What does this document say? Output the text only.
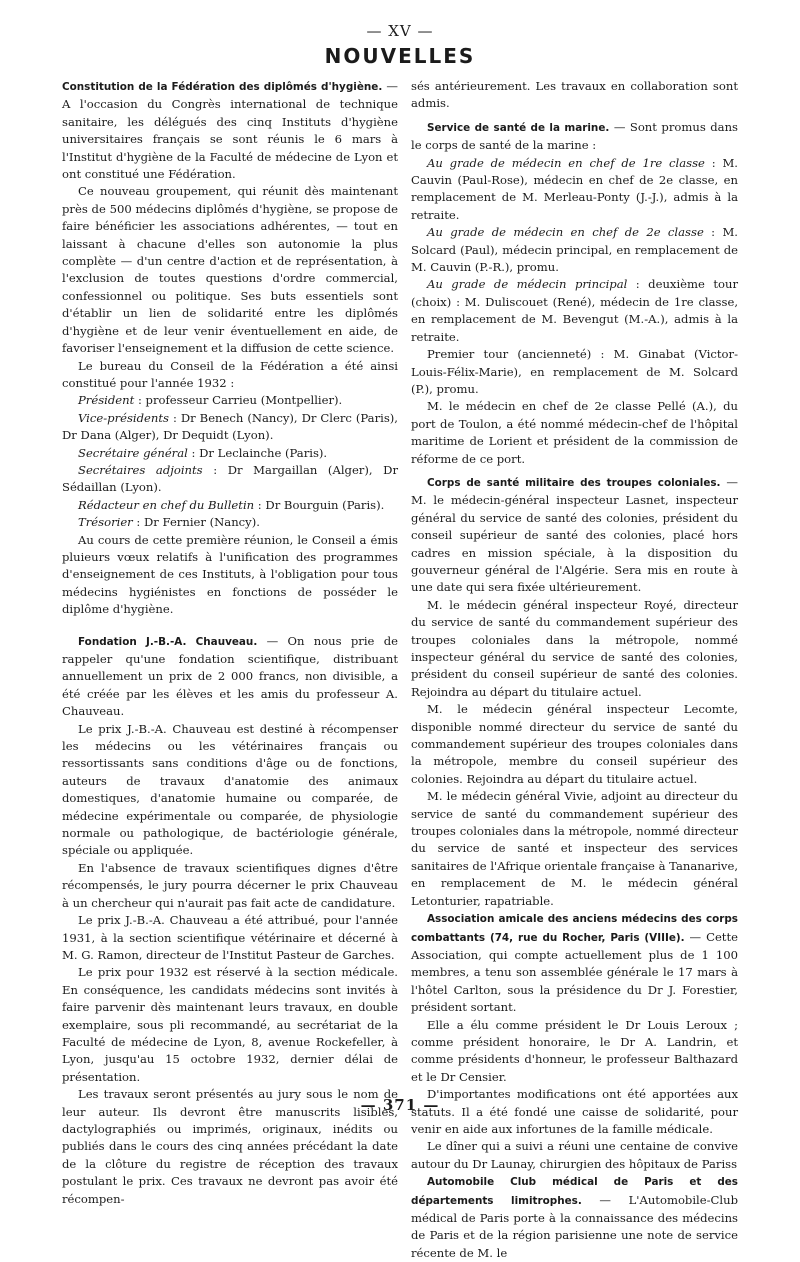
— XV —
NOUVELLES

Constitution de la Fédération des diplômés d'hygiène. — A l'occasion du Congrès international de technique sanitaire, les délégués des cinq Instituts d'hygiène universitaires français se sont réunis le 6 mars à l'Institut d'hygiène de la Faculté de médecine de Lyon et ont constitué une Fédération.

Ce nouveau groupement, qui réunit dès maintenant près de 500 médecins diplômés d'hygiène, se propose de faire bénéficier les associations adhérentes, — tout en laissant à chacune d'elles son autonomie la plus complète — d'un centre d'action et de représentation, à l'exclusion de toutes questions d'ordre commercial, confessionnel ou politique. Ses buts essentiels sont d'établir un lien de solidarité entre les diplômés d'hygiène et de leur venir éventuellement en aide, de favoriser l'enseignement et la diffusion de cette science.

Le bureau du Conseil de la Fédération a été ainsi constitué pour l'année 1932 :

Président : professeur Carrieu (Montpellier).

Vice-présidents : Dr Benech (Nancy), Dr Clerc (Paris), Dr Dana (Alger), Dr Dequidt (Lyon).

Secrétaire général : Dr Leclainche (Paris).

Secrétaires adjoints : Dr Margaillan (Alger), Dr Sédaillan (Lyon).

Rédacteur en chef du Bulletin : Dr Bourguin (Paris).

Trésorier : Dr Fernier (Nancy).

Au cours de cette première réunion, le Conseil a émis pluieurs vœux relatifs à l'unification des programmes d'enseignement de ces Instituts, à l'obligation pour tous médecins hygiénistes en fonctions de posséder le diplôme d'hygiène.

Fondation J.-B.-A. Chauveau. — On nous prie de rappeler qu'une fondation scientifique, distribuant annuellement un prix de 2 000 francs, non divisible, a été créée par les élèves et les amis du professeur A. Chauveau.

Le prix J.-B.-A. Chauveau est destiné à récompenser les médecins ou les vétérinaires français ou ressortissants sans conditions d'âge ou de fonctions, auteurs de travaux d'anatomie des animaux domestiques, d'anatomie humaine ou comparée, de médecine expérimentale ou comparée, de physiologie normale ou pathologique, de bactériologie générale, spéciale ou appliquée.

En l'absence de travaux scientifiques dignes d'être récompensés, le jury pourra décerner le prix Chauveau à un chercheur qui n'aurait pas fait acte de candidature.

Le prix J.-B.-A. Chauveau a été attribué, pour l'année 1931, à la section scientifique vétérinaire et décerné à M. G. Ramon, directeur de l'Institut Pasteur de Garches.

Le prix pour 1932 est réservé à la section médicale. En conséquence, les candidats médecins sont invités à faire parvenir dès maintenant leurs travaux, en double exemplaire, sous pli recommandé, au secrétariat de la Faculté de médecine de Lyon, 8, avenue Rockefeller, à Lyon, jusqu'au 15 octobre 1932, dernier délai de présentation.

Les travaux seront présentés au jury sous le nom de leur auteur. Ils devront être manuscrits lisibles, dactylographiés ou imprimés, originaux, inédits ou publiés dans le cours des cinq années précédant la date de la clôture du registre de réception des travaux postulant le prix. Ces travaux ne devront pas avoir été récompen-

sés antérieurement. Les travaux en collaboration sont admis.

Service de santé de la marine. — Sont promus dans le corps de santé de la marine :

Au grade de médecin en chef de 1re classe : M. Cauvin (Paul-Rose), médecin en chef de 2e classe, en remplacement de M. Merleau-Ponty (J.-J.), admis à la retraite.

Au grade de médecin en chef de 2e classe : M. Solcard (Paul), médecin principal, en remplacement de M. Cauvin (P.-R.), promu.

Au grade de médecin principal : deuxième tour (choix) : M. Duliscouet (René), médecin de 1re classe, en remplacement de M. Bevengut (M.-A.), admis à la retraite.

Premier tour (ancienneté) : M. Ginabat (Victor-Louis-Félix-Marie), en remplacement de M. Solcard (P.), promu.

M. le médecin en chef de 2e classe Pellé (A.), du port de Toulon, a été nommé médecin-chef de l'hôpital maritime de Lorient et président de la commission de réforme de ce port.

Corps de santé militaire des troupes coloniales. — M. le médecin-général inspecteur Lasnet, inspecteur général du service de santé des colonies, président du conseil supérieur de santé des colonies, placé hors cadres en mission spéciale, à la disposition du gouverneur général de l'Algérie. Sera mis en route à une date qui sera fixée ultérieurement.

M. le médecin général inspecteur Royé, directeur du service de santé du commandement supérieur des troupes coloniales dans la métropole, nommé inspecteur général du service de santé des colonies, président du conseil supérieur de santé des colonies. Rejoindra au départ du titulaire actuel.

M. le médecin général inspecteur Lecomte, disponible nommé directeur du service de santé du commandement supérieur des troupes coloniales dans la métropole, membre du conseil supérieur des colonies. Rejoindra au départ du titulaire actuel.

M. le médecin général Vivie, adjoint au directeur du service de santé du commandement supérieur des troupes coloniales dans la métropole, nommé directeur du service de santé et inspecteur des services sanitaires de l'Afrique orientale française à Tananarive, en remplacement de M. le médecin général Letonturier, rapatriable.

Association amicale des anciens médecins des corps combattants (74, rue du Rocher, Paris (VIIIe). — Cette Association, qui compte actuellement plus de 1 100 membres, a tenu son assemblée générale le 17 mars à l'hôtel Carlton, sous la présidence du Dr J. Forestier, président sortant.

Elle a élu comme président le Dr Louis Leroux ; comme président honoraire, le Dr A. Landrin, et comme présidents d'honneur, le professeur Balthazard et le Dr Censier.

D'importantes modifications ont été apportées aux statuts. Il a été fondé une caisse de solidarité, pour venir en aide aux infortunes de la famille médicale.

Le dîner qui a suivi a réuni une centaine de convive autour du Dr Launay, chirurgien des hôpitaux de Pariss

Automobile Club médical de Paris et des départements limitrophes. — L'Automobile-Club médical de Paris porte à la connaissance des médecins de Paris et de la région parisienne une note de service récente de M. le

— 371 —
